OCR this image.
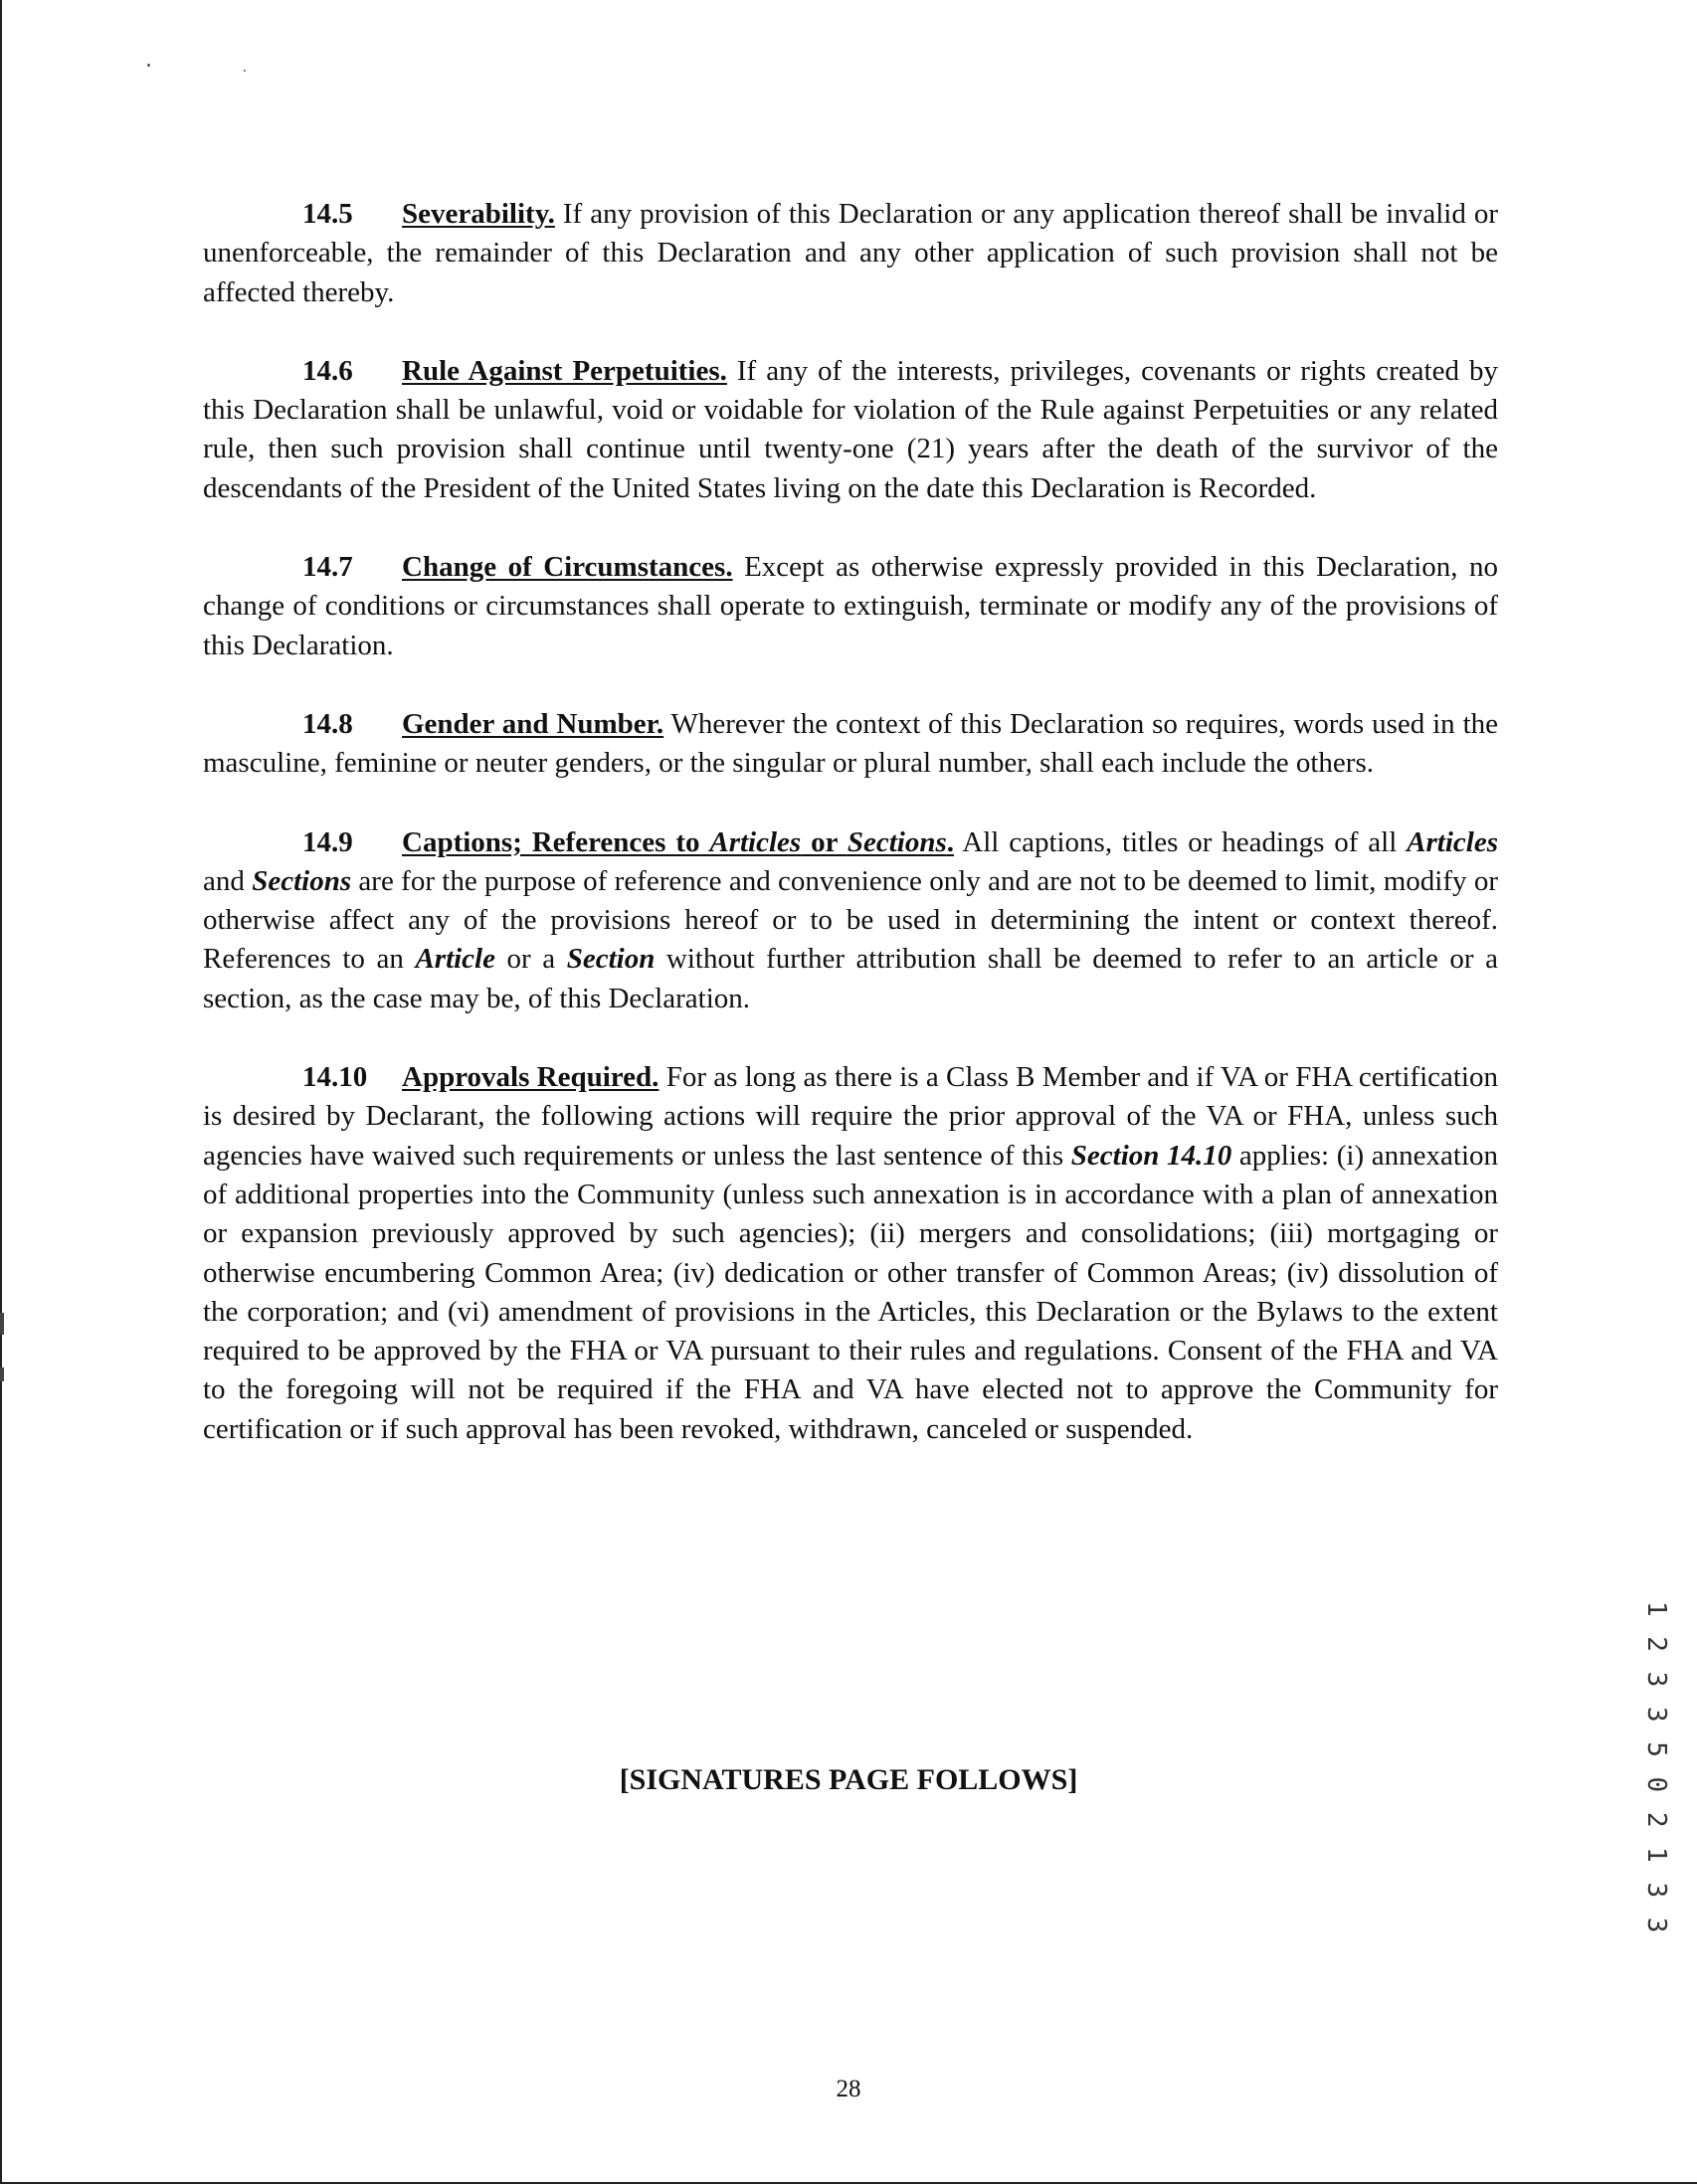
14.5 Severability. If any provision of this Declaration or any application thereof shall be invalid or unenforceable, the remainder of this Declaration and any other application of such provision shall not be affected thereby.

14.6 Rule Against Perpetuities. If any of the interests, privileges, covenants or rights created by this Declaration shall be unlawful, void or voidable for violation of the Rule against Perpetuities or any related rule, then such provision shall continue until twenty-one (21) years after the death of the survivor of the descendants of the President of the United States living on the date this Declaration is Recorded.

14.7 Change of Circumstances. Except as otherwise expressly provided in this Declaration, no change of conditions or circumstances shall operate to extinguish, terminate or modify any of the provisions of this Declaration.

14.8 Gender and Number. Wherever the context of this Declaration so requires, words used in the masculine, feminine or neuter genders, or the singular or plural number, shall each include the others.

14.9 Captions; References to Articles or Sections. All captions, titles or headings of all Articles and Sections are for the purpose of reference and convenience only and are not to be deemed to limit, modify or otherwise affect any of the provisions hereof or to be used in determining the intent or context thereof. References to an Article or a Section without further attribution shall be deemed to refer to an article or a section, as the case may be, of this Declaration.

14.10 Approvals Required. For as long as there is a Class B Member and if VA or FHA certification is desired by Declarant, the following actions will require the prior approval of the VA or FHA, unless such agencies have waived such requirements or unless the last sentence of this Section 14.10 applies: (i) annexation of additional properties into the Community (unless such annexation is in accordance with a plan of annexation or expansion previously approved by such agencies); (ii) mergers and consolidations; (iii) mortgaging or otherwise encumbering Common Area; (iv) dedication or other transfer of Common Areas; (iv) dissolution of the corporation; and (vi) amendment of provisions in the Articles, this Declaration or the Bylaws to the extent required to be approved by the FHA or VA pursuant to their rules and regulations. Consent of the FHA and VA to the foregoing will not be required if the FHA and VA have elected not to approve the Community for certification or if such approval has been revoked, withdrawn, canceled or suspended.

[SIGNATURES PAGE FOLLOWS]	1 2 3 3 5 0 2 1 3 3
28
